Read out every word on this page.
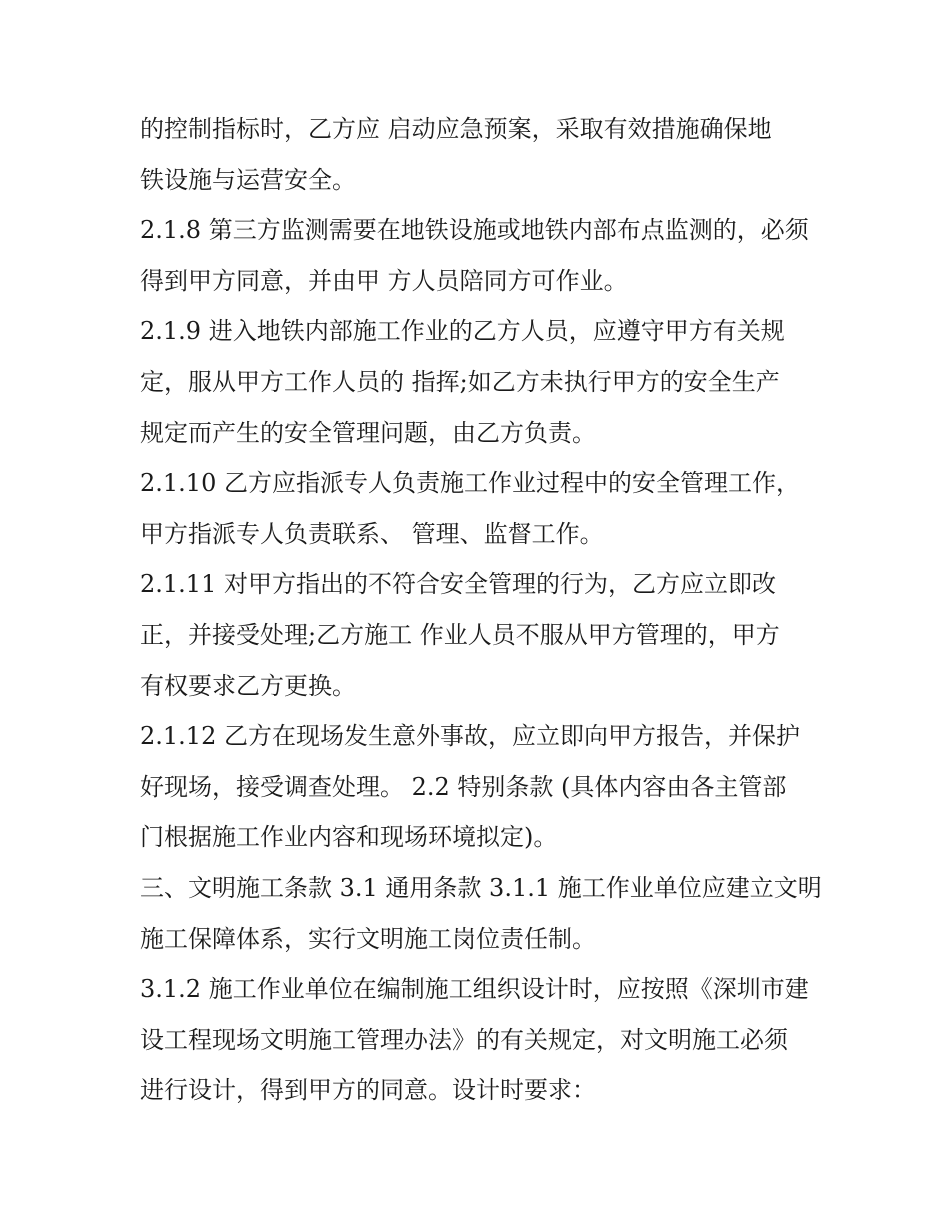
的控制指标时，乙方应 启动应急预案，采取有效措施确保地

铁设施与运营安全。

2.1.8 第三方监测需要在地铁设施或地铁内部布点监测的，必须

得到甲方同意，并由甲 方人员陪同方可作业。

2.1.9 进入地铁内部施工作业的乙方人员，应遵守甲方有关规

定，服从甲方工作人员的 指挥;如乙方未执行甲方的安全生产

规定而产生的安全管理问题，由乙方负责。

2.1.10 乙方应指派专人负责施工作业过程中的安全管理工作，

甲方指派专人负责联系、 管理、监督工作。

2.1.11 对甲方指出的不符合安全管理的行为，乙方应立即改

正，并接受处理;乙方施工 作业人员不服从甲方管理的，甲方

有权要求乙方更换。

2.1.12 乙方在现场发生意外事故，应立即向甲方报告，并保护

好现场，接受调查处理。 2.2 特别条款 (具体内容由各主管部

门根据施工作业内容和现场环境拟定)。

三、文明施工条款 3.1 通用条款 3.1.1 施工作业单位应建立文明

施工保障体系，实行文明施工岗位责任制。

3.1.2 施工作业单位在编制施工组织设计时，应按照《深圳市建

设工程现场文明施工管理办法》的有关规定，对文明施工必须

进行设计，得到甲方的同意。设计时要求：
